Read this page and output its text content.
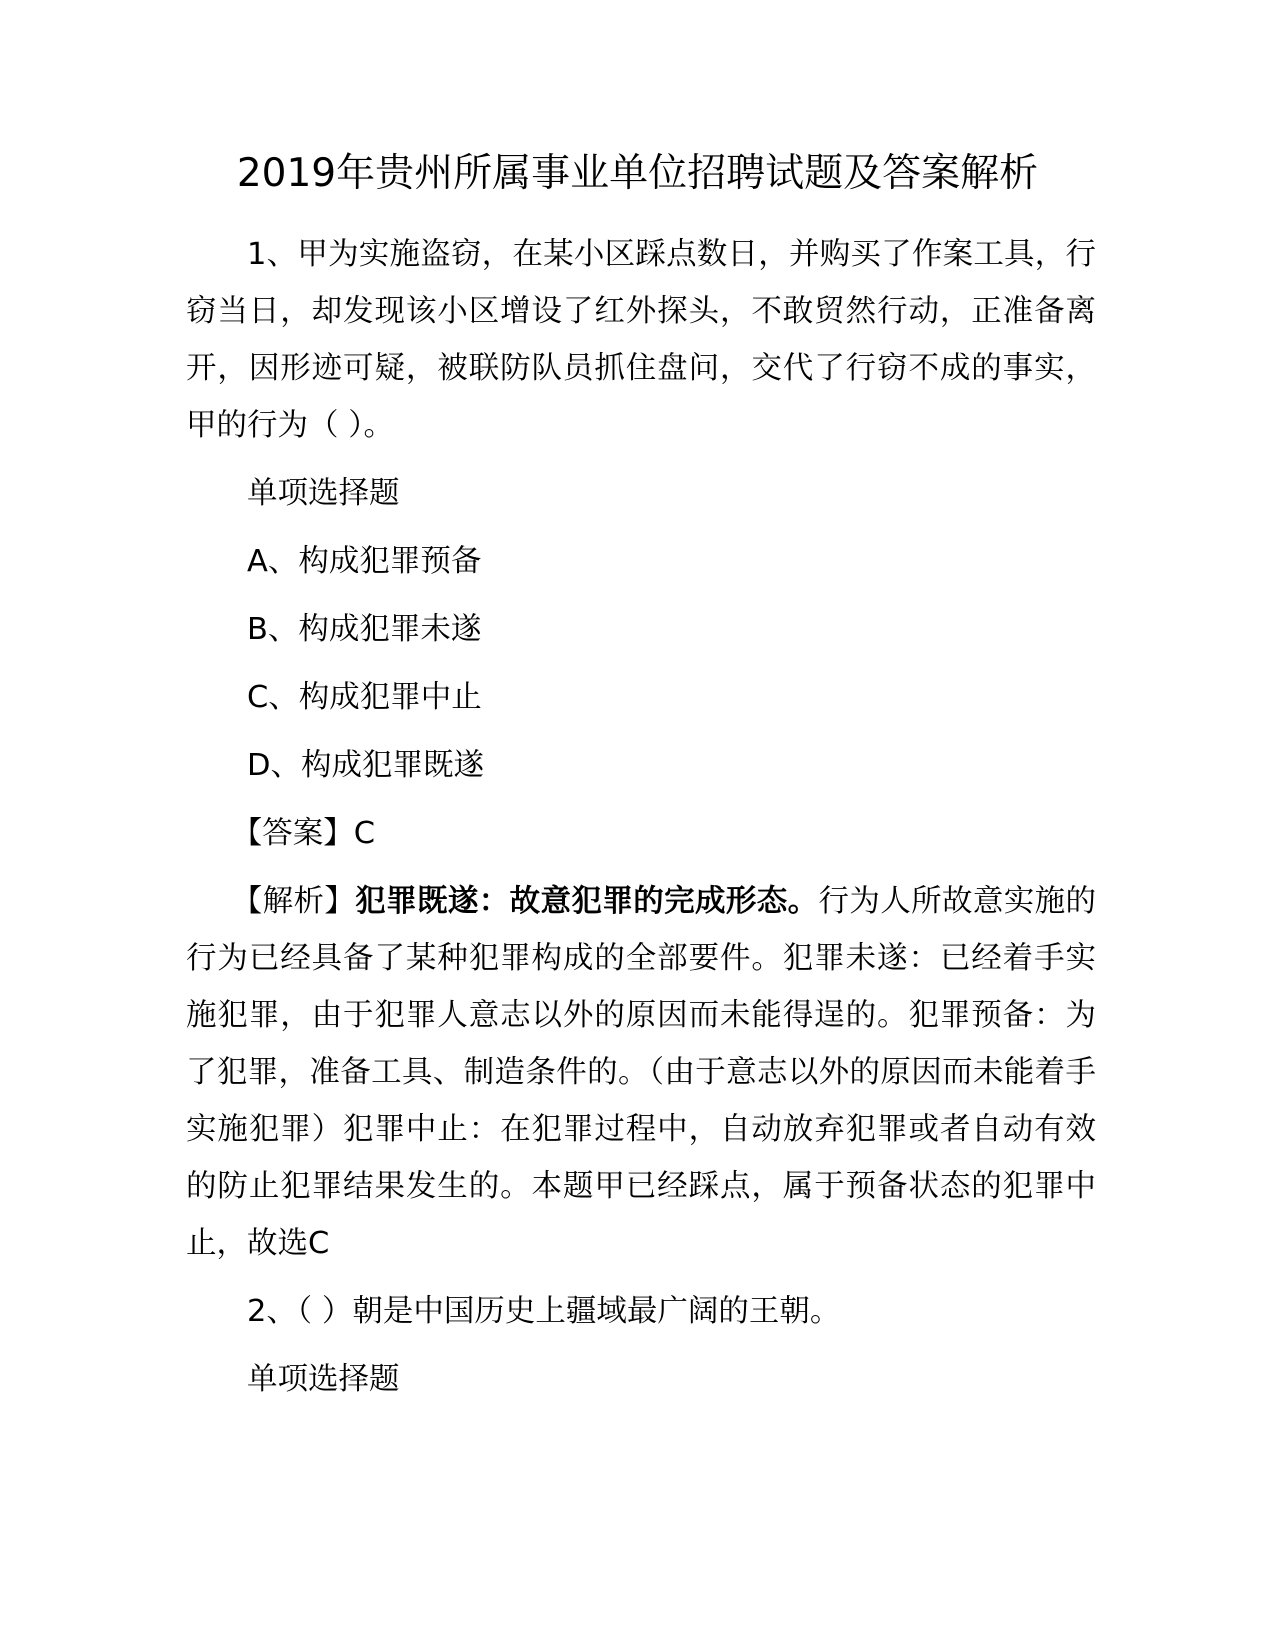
2019年贵州所属事业单位招聘试题及答案解析

1、甲为实施盗窃，在某小区踩点数日，并购买了作案工具，行窃当日，却发现该小区增设了红外探头，不敢贸然行动，正准备离开，因形迹可疑，被联防队员抓住盘问，交代了行窃不成的事实，甲的行为（ ）。

单项选择题

A、构成犯罪预备

B、构成犯罪未遂

C、构成犯罪中止

D、构成犯罪既遂

【答案】C

【解析】犯罪既遂：故意犯罪的完成形态。行为人所故意实施的行为已经具备了某种犯罪构成的全部要件。犯罪未遂：已经着手实施犯罪，由于犯罪人意志以外的原因而未能得逞的。犯罪预备：为了犯罪，准备工具、制造条件的。（由于意志以外的原因而未能着手实施犯罪）犯罪中止：在犯罪过程中，自动放弃犯罪或者自动有效的防止犯罪结果发生的。本题甲已经踩点，属于预备状态的犯罪中止，故选C

2、（ ）朝是中国历史上疆域最广阔的王朝。

单项选择题
